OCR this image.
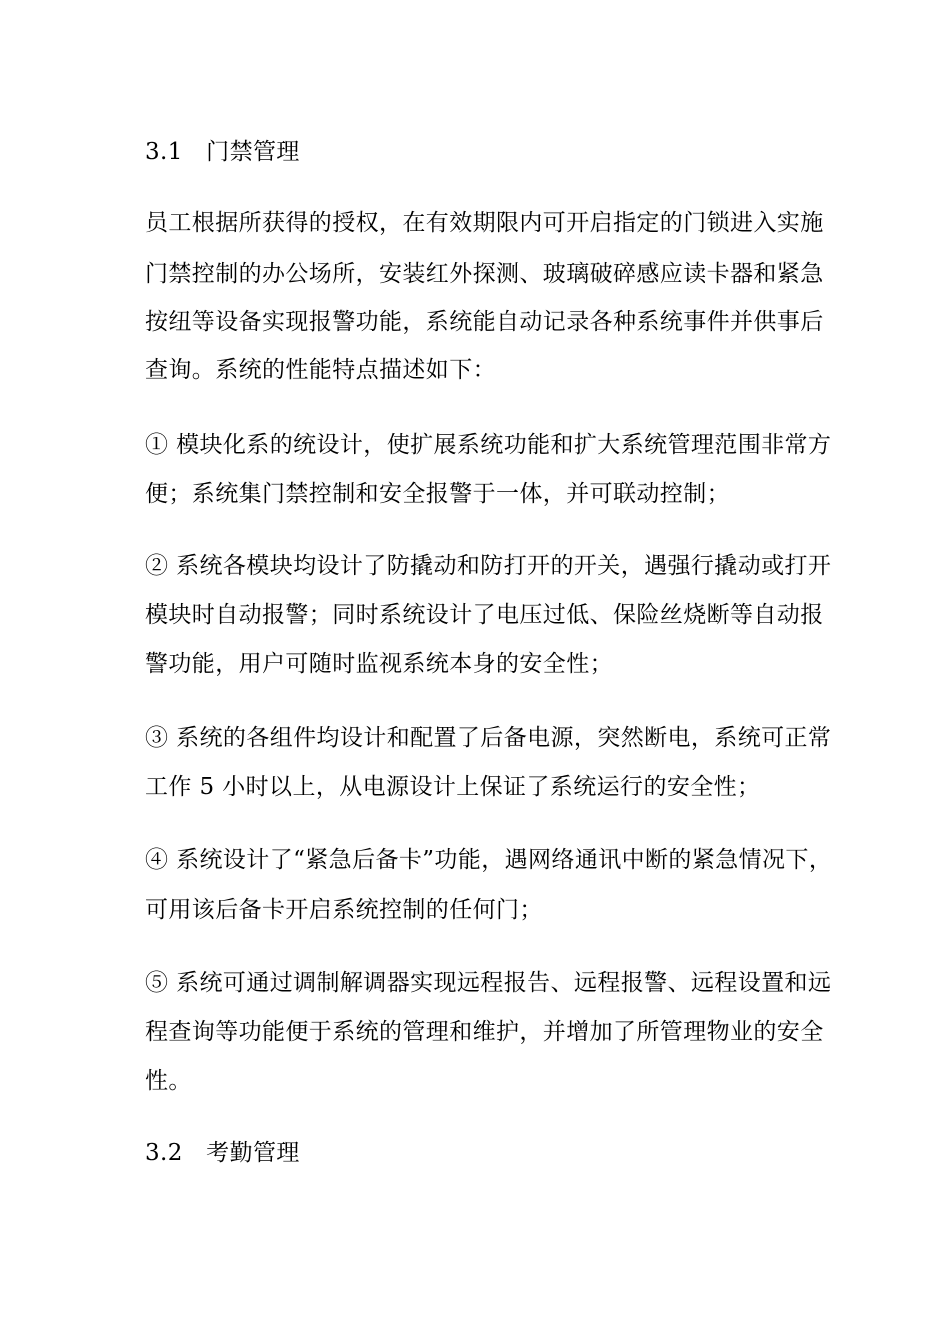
3.1　门禁管理
员工根据所获得的授权，在有效期限内可开启指定的门锁进入实施
门禁控制的办公场所，安装红外探测、玻璃破碎感应读卡器和紧急
按纽等设备实现报警功能，系统能自动记录各种系统事件并供事后
查询。系统的性能特点描述如下：
① 模块化系的统设计，使扩展系统功能和扩大系统管理范围非常方
便；系统集门禁控制和安全报警于一体，并可联动控制；
② 系统各模块均设计了防撬动和防打开的开关，遇强行撬动或打开
模块时自动报警；同时系统设计了电压过低、保险丝烧断等自动报
警功能，用户可随时监视系统本身的安全性；
③ 系统的各组件均设计和配置了后备电源，突然断电，系统可正常
工作 5 小时以上，从电源设计上保证了系统运行的安全性；
④ 系统设计了“紧急后备卡”功能，遇网络通讯中断的紧急情况下，
可用该后备卡开启系统控制的任何门；
⑤ 系统可通过调制解调器实现远程报告、远程报警、远程设置和远
程查询等功能便于系统的管理和维护，并增加了所管理物业的安全
性。
3.2　考勤管理
